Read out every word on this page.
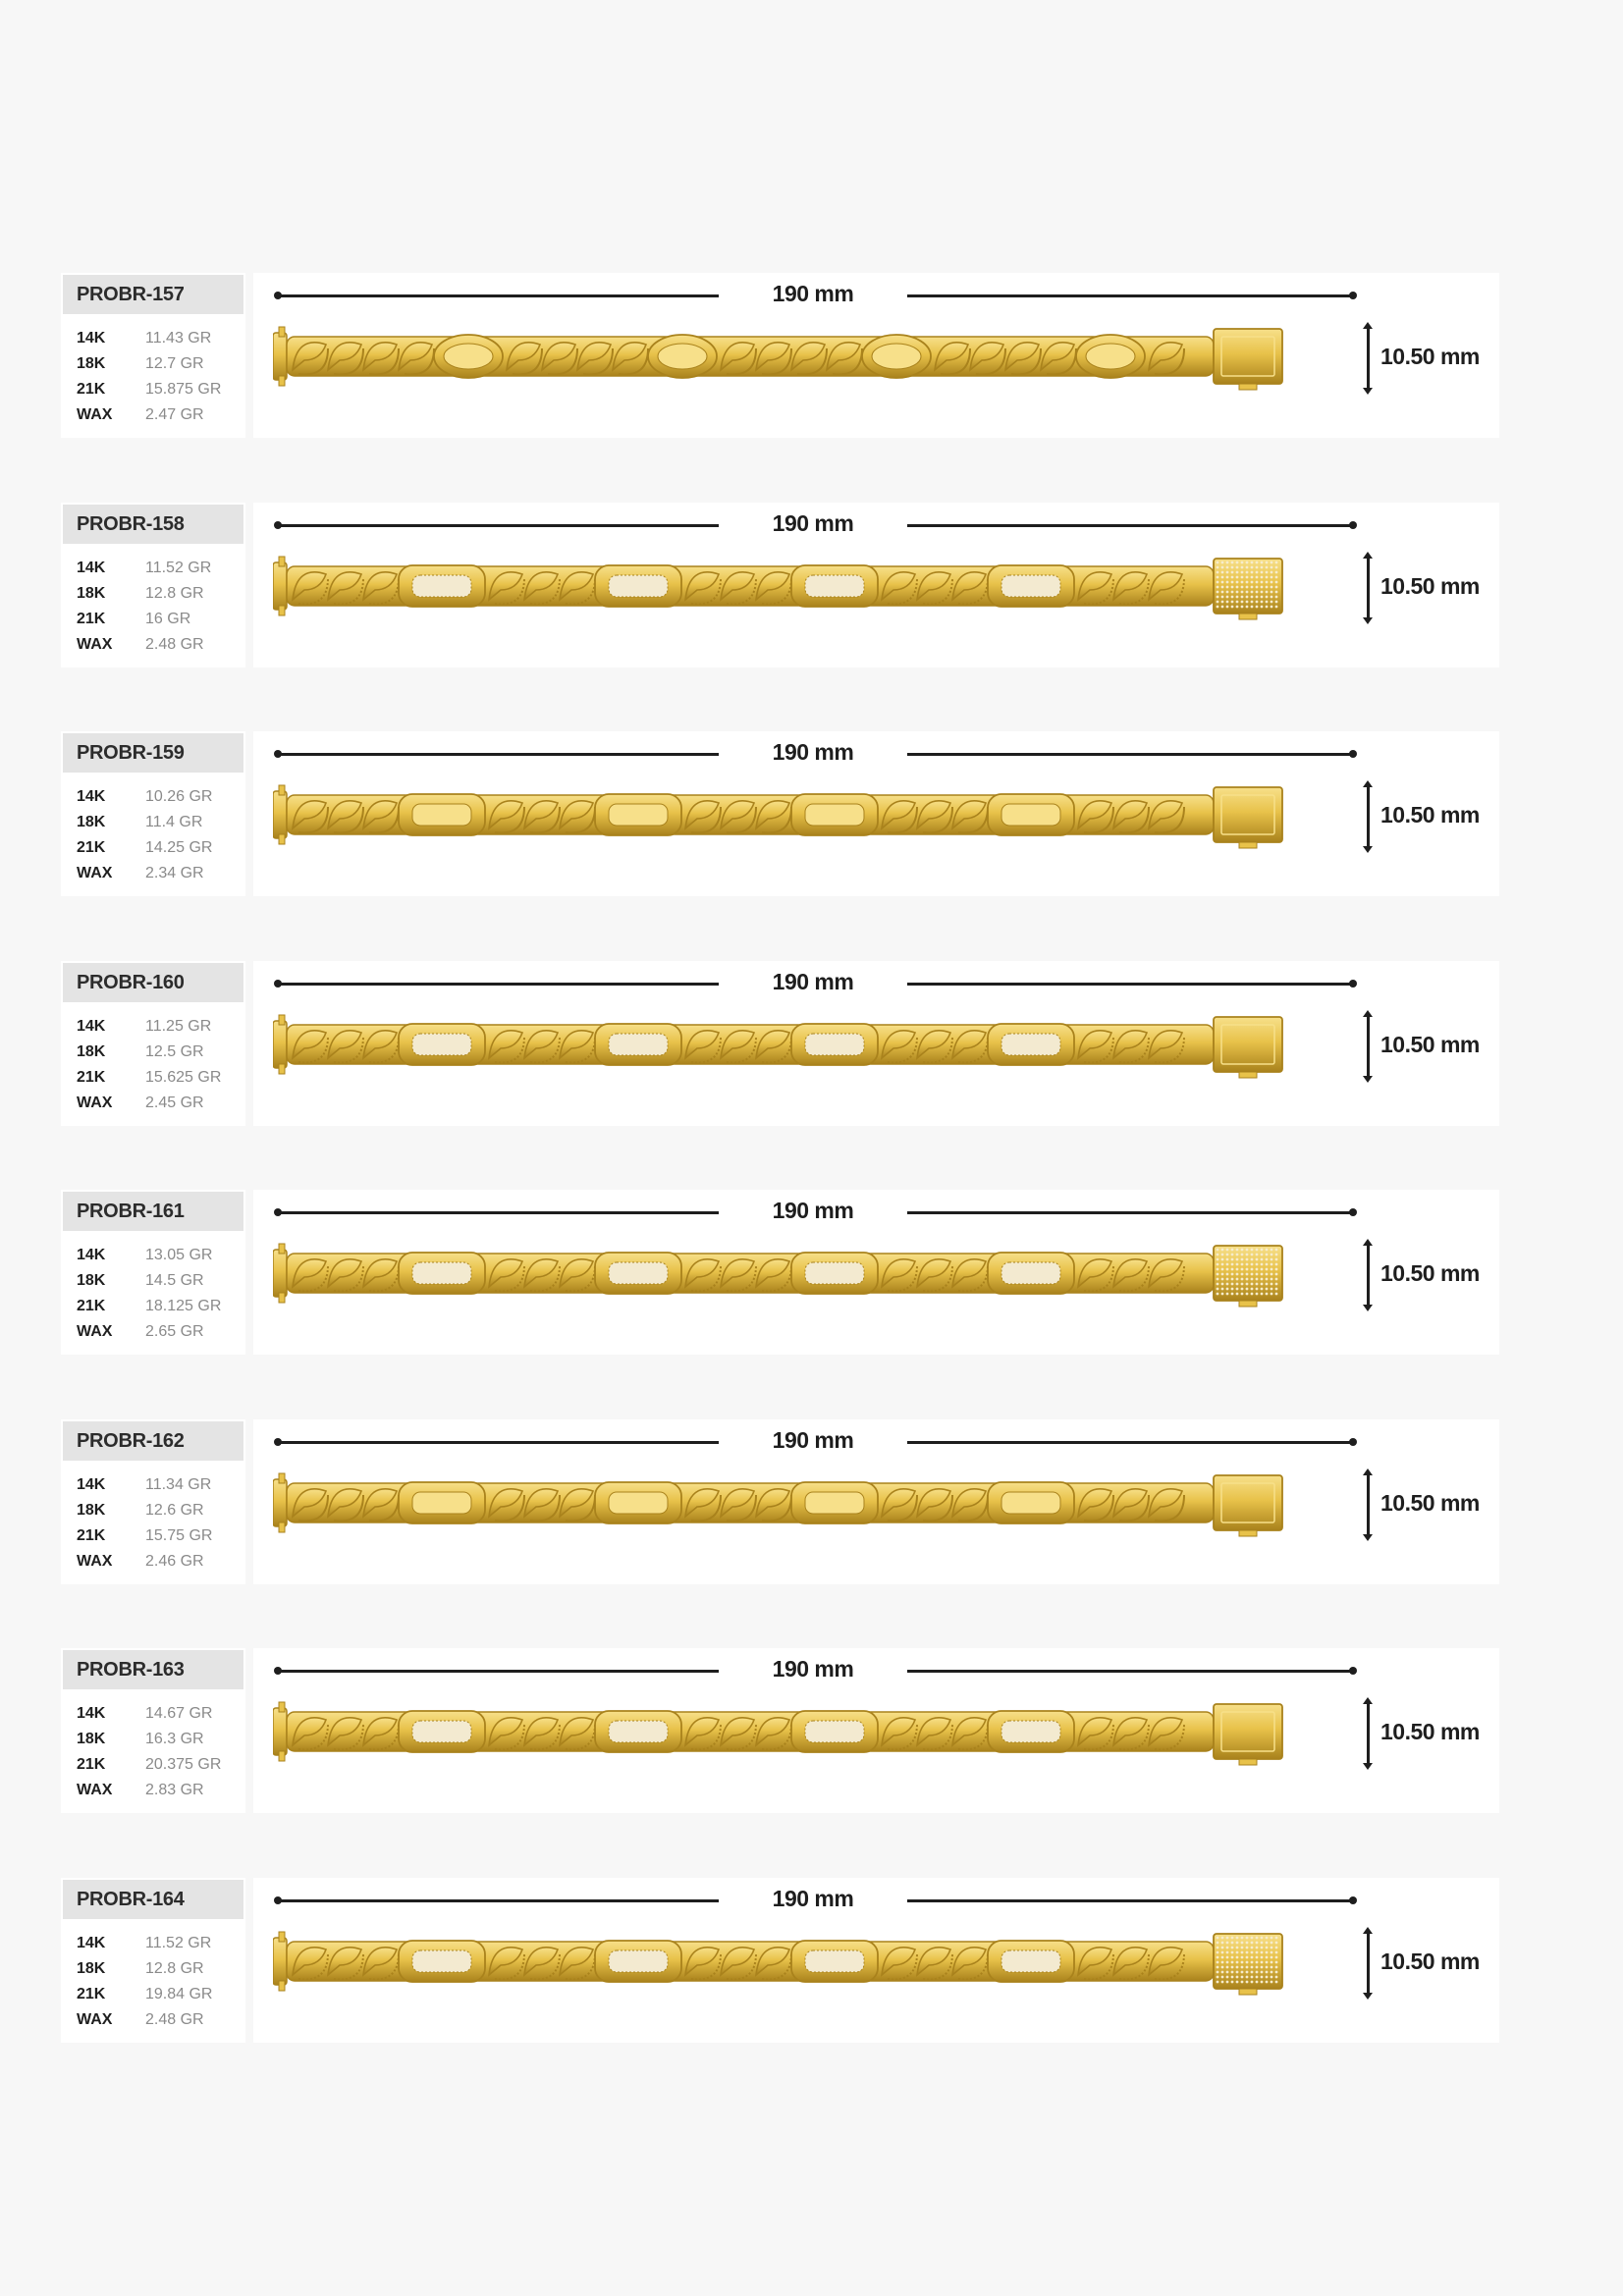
PROBR-157
14K	11.43 GR
18K	12.7 GR
21K	15.875 GR
WAX 2.47 GR
190 mm
10.50 mm
PROBR-158
14K	11.52 GR
18K	12.8 GR
21K	16 GR
WAX 2.48 GR
190 mm
10.50 mm
PROBR-159
14K	10.26 GR
18K	11.4 GR
21K	14.25 GR
WAX 2.34 GR
190 mm
10.50 mm
PROBR-160
14K	11.25 GR
18K	12.5 GR
21K	15.625 GR
WAX 2.45 GR
190 mm
10.50 mm
PROBR-161
14K	13.05 GR
18K	14.5 GR
21K	18.125 GR
WAX 2.65 GR
190 mm
10.50 mm
PROBR-162
14K	11.34 GR
18K	12.6 GR
21K	15.75 GR
WAX 2.46 GR
190 mm
10.50 mm
PROBR-163
14K	14.67 GR
18K	16.3 GR
21K	20.375 GR
WAX 2.83 GR
190 mm
10.50 mm
PROBR-164
14K	11.52 GR
18K	12.8 GR
21K	19.84 GR
WAX 2.48 GR
190 mm
10.50 mm
